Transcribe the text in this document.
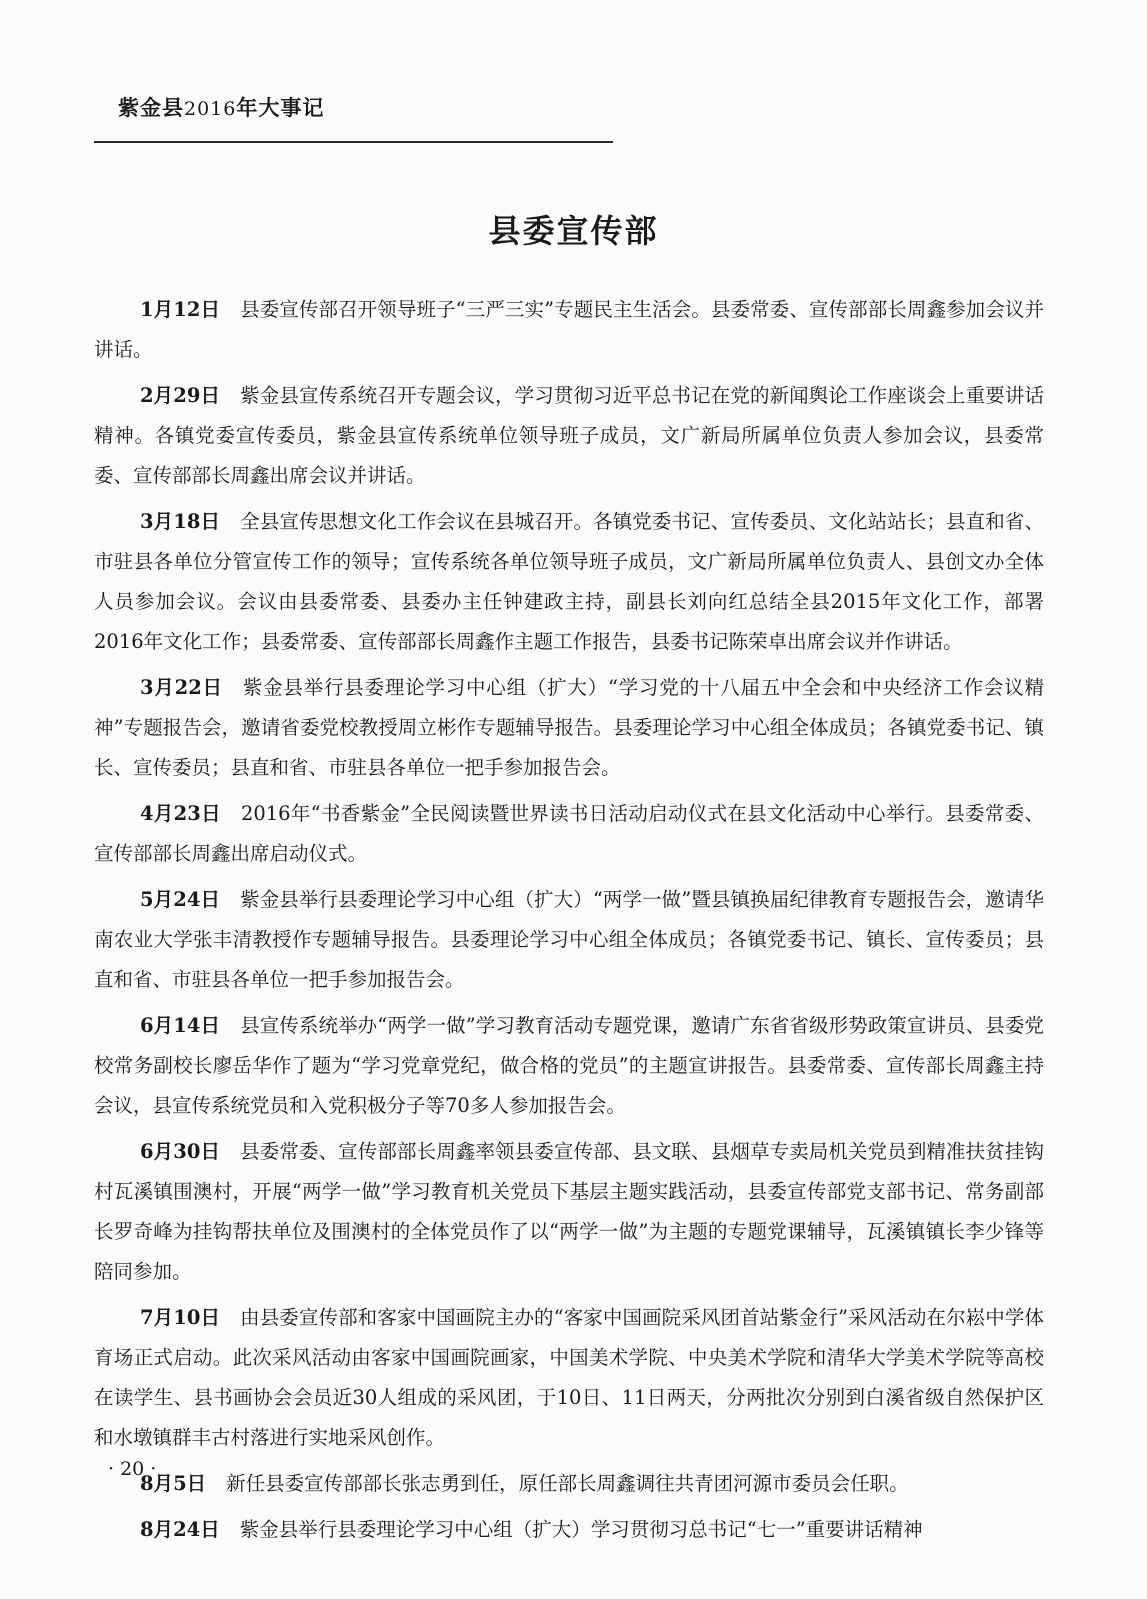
紫金县2016年大事记
县委宣传部

1月12日 县委宣传部召开领导班子“三严三实”专题民主生活会。县委常委、宣传部部长周鑫参加会议并讲话。

2月29日 紫金县宣传系统召开专题会议，学习贯彻习近平总书记在党的新闻舆论工作座谈会上重要讲话精神。各镇党委宣传委员，紫金县宣传系统单位领导班子成员，文广新局所属单位负责人参加会议，县委常委、宣传部部长周鑫出席会议并讲话。

3月18日 全县宣传思想文化工作会议在县城召开。各镇党委书记、宣传委员、文化站站长；县直和省、市驻县各单位分管宣传工作的领导；宣传系统各单位领导班子成员，文广新局所属单位负责人、县创文办全体人员参加会议。会议由县委常委、县委办主任钟建政主持，副县长刘向红总结全县2015年文化工作，部署2016年文化工作；县委常委、宣传部部长周鑫作主题工作报告，县委书记陈荣卓出席会议并作讲话。

3月22日 紫金县举行县委理论学习中心组（扩大）“学习党的十八届五中全会和中央经济工作会议精神”专题报告会，邀请省委党校教授周立彬作专题辅导报告。县委理论学习中心组全体成员；各镇党委书记、镇长、宣传委员；县直和省、市驻县各单位一把手参加报告会。

4月23日 2016年“书香紫金”全民阅读暨世界读书日活动启动仪式在县文化活动中心举行。县委常委、宣传部部长周鑫出席启动仪式。

5月24日 紫金县举行县委理论学习中心组（扩大）“两学一做”暨县镇换届纪律教育专题报告会，邀请华南农业大学张丰清教授作专题辅导报告。县委理论学习中心组全体成员；各镇党委书记、镇长、宣传委员；县直和省、市驻县各单位一把手参加报告会。

6月14日 县宣传系统举办“两学一做”学习教育活动专题党课，邀请广东省省级形势政策宣讲员、县委党校常务副校长廖岳华作了题为“学习党章党纪，做合格的党员”的主题宣讲报告。县委常委、宣传部长周鑫主持会议，县宣传系统党员和入党积极分子等70多人参加报告会。

6月30日 县委常委、宣传部部长周鑫率领县委宣传部、县文联、县烟草专卖局机关党员到精准扶贫挂钩村瓦溪镇围澳村，开展“两学一做”学习教育机关党员下基层主题实践活动，县委宣传部党支部书记、常务副部长罗奇峰为挂钩帮扶单位及围澳村的全体党员作了以“两学一做”为主题的专题党课辅导，瓦溪镇镇长李少锋等陪同参加。

7月10日 由县委宣传部和客家中国画院主办的“客家中国画院采风团首站紫金行”采风活动在尔崧中学体育场正式启动。此次采风活动由客家中国画院画家，中国美术学院、中央美术学院和清华大学美术学院等高校在读学生、县书画协会会员近30人组成的采风团，于10日、11日两天，分两批次分别到白溪省级自然保护区和水墩镇群丰古村落进行实地采风创作。

8月5日 新任县委宣传部部长张志勇到任，原任部长周鑫调往共青团河源市委员会任职。

8月24日 紫金县举行县委理论学习中心组（扩大）学习贯彻习总书记“七一”重要讲话精神

· 20 ·
